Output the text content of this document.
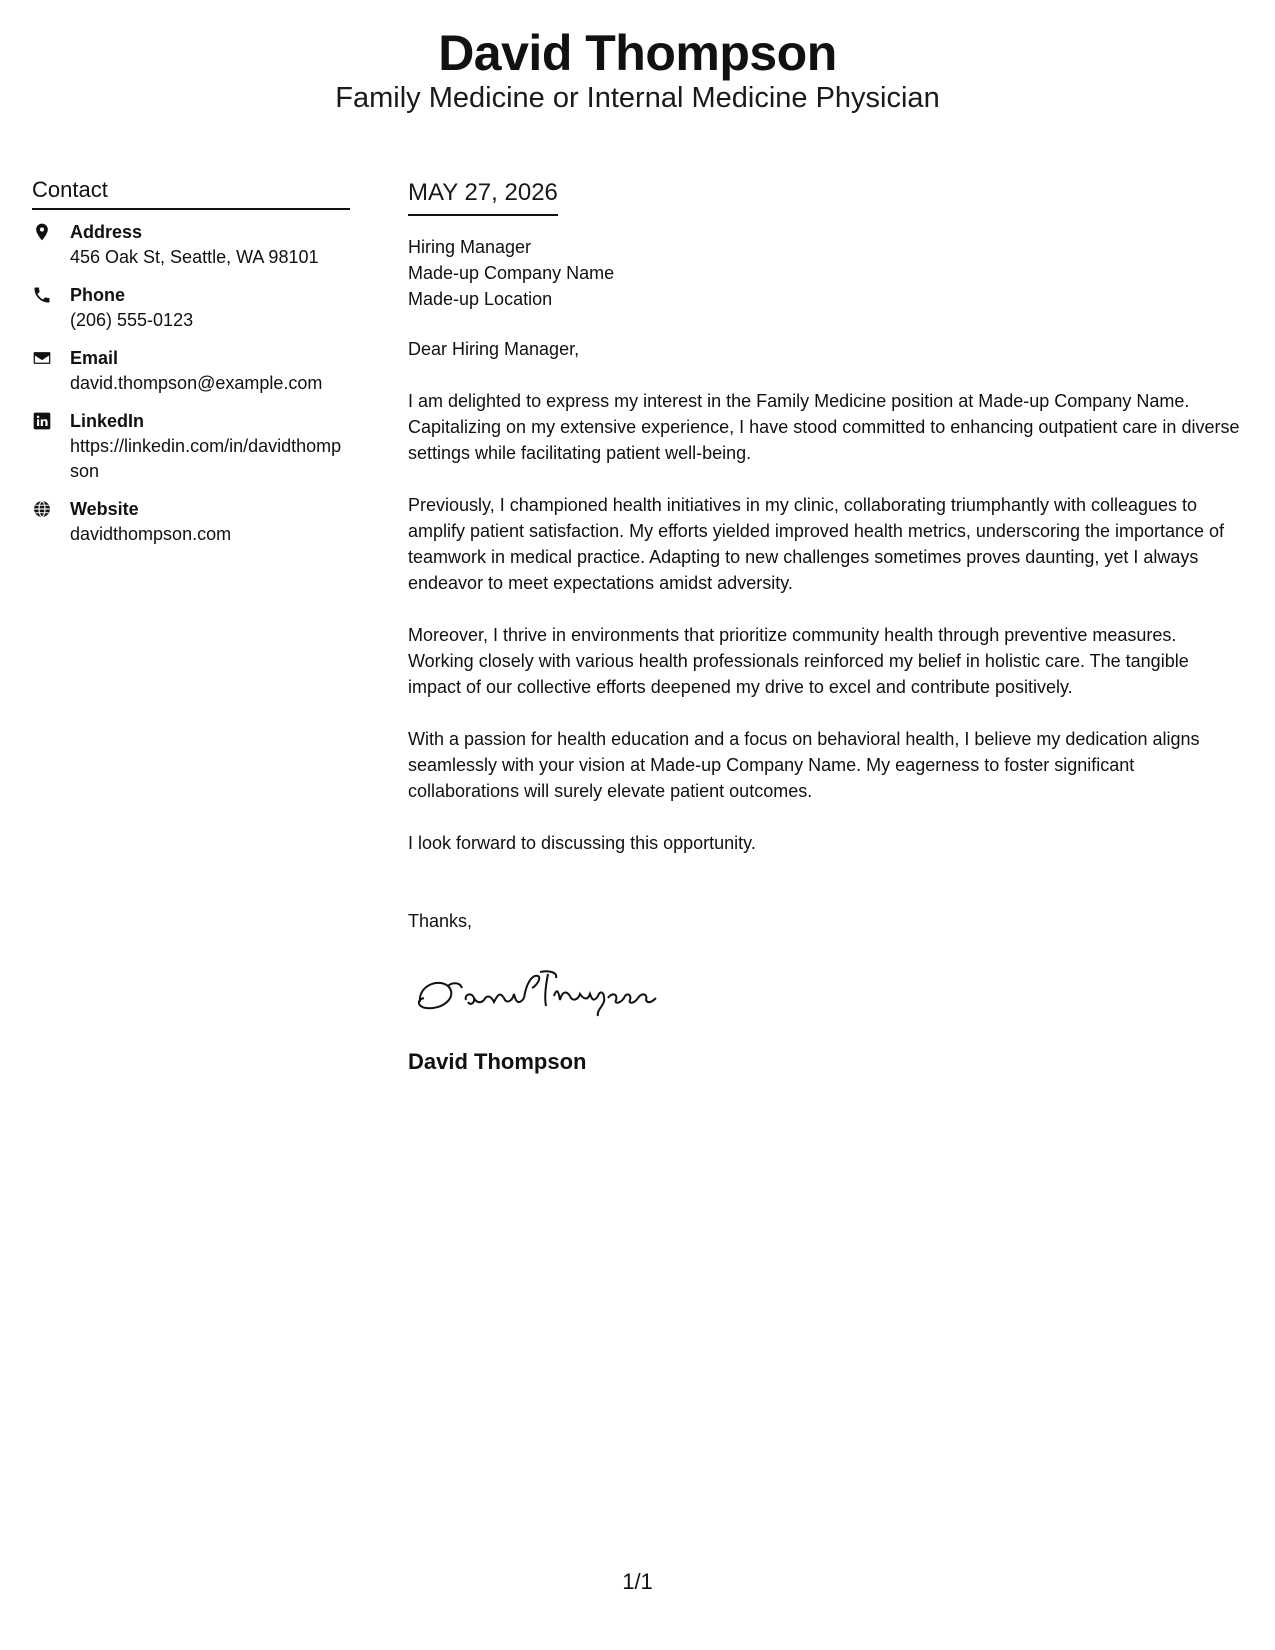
David Thompson
Family Medicine or Internal Medicine Physician
Contact
Address
456 Oak St, Seattle, WA 98101
Phone
(206) 555-0123
Email
david.thompson@example.com
LinkedIn
https://linkedin.com/in/davidthompson
Website
davidthompson.com
MAY 27, 2026
Hiring Manager
Made-up Company Name
Made-up Location

Dear Hiring Manager,

I am delighted to express my interest in the Family Medicine position at Made-up Company Name. Capitalizing on my extensive experience, I have stood committed to enhancing outpatient care in diverse settings while facilitating patient well-being.

Previously, I championed health initiatives in my clinic, collaborating triumphantly with colleagues to amplify patient satisfaction. My efforts yielded improved health metrics, underscoring the importance of teamwork in medical practice. Adapting to new challenges sometimes proves daunting, yet I always endeavor to meet expectations amidst adversity.

Moreover, I thrive in environments that prioritize community health through preventive measures. Working closely with various health professionals reinforced my belief in holistic care. The tangible impact of our collective efforts deepened my drive to excel and contribute positively.

With a passion for health education and a focus on behavioral health, I believe my dedication aligns seamlessly with your vision at Made-up Company Name. My eagerness to foster significant collaborations will surely elevate patient outcomes.

I look forward to discussing this opportunity.

Thanks,

David Thompson
1/1
